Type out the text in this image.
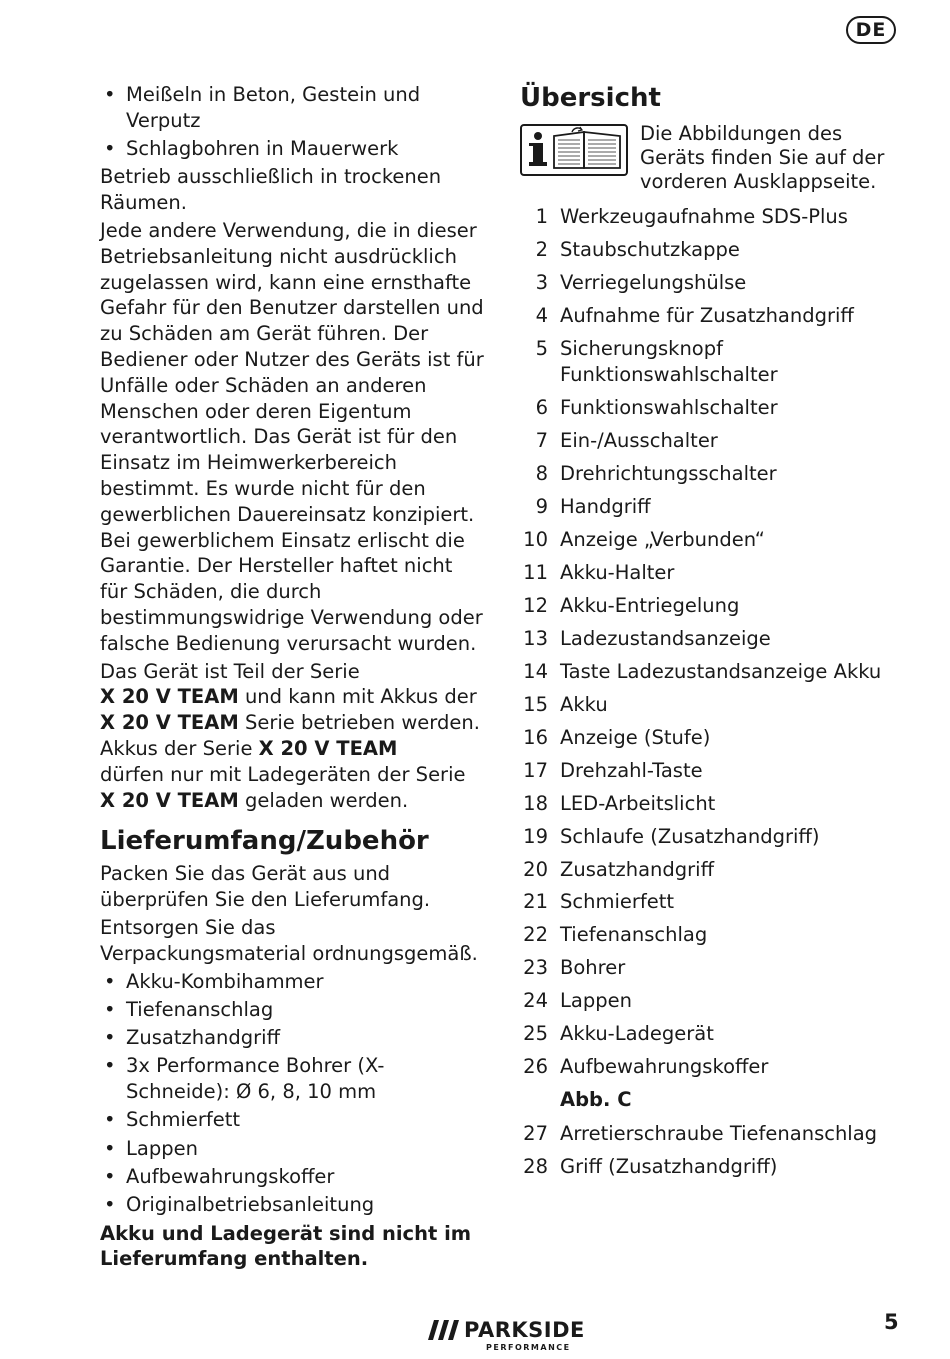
DE
• Meißeln in Beton, Gestein und Verputz
• Schlagbohren in Mauerwerk

Betrieb ausschließlich in trockenen Räumen.

Jede andere Verwendung, die in dieser Betriebsanleitung nicht ausdrücklich zugelassen wird, kann eine ernsthafte Gefahr für den Benutzer darstellen und zu Schäden am Gerät führen. Der Bediener oder Nutzer des Geräts ist für Unfälle oder Schäden an anderen Menschen oder deren Eigentum verantwortlich. Das Gerät ist für den Einsatz im Heimwerkerbereich bestimmt. Es wurde nicht für den gewerblichen Dauereinsatz konzipiert. Bei gewerblichem Einsatz erlischt die Garantie. Der Hersteller haftet nicht für Schäden, die durch bestimmungswidrige Verwendung oder falsche Bedienung verursacht wurden.

Das Gerät ist Teil der Serie
X 20 V TEAM und kann mit Akkus der
X 20 V TEAM Serie betrieben werden. Akkus der Serie X 20 V TEAM
dürfen nur mit Ladegeräten der Serie
X 20 V TEAM geladen werden.

Lieferumfang/Zubehör

Packen Sie das Gerät aus und überprüfen Sie den Lieferumfang.

Entsorgen Sie das Verpackungsmaterial ordnungsgemäß.

• Akku-Kombihammer
• Tiefenanschlag
• Zusatzhandgriff
• 3x Performance Bohrer (X-Schneide): Ø 6, 8, 10 mm
• Schmierfett
• Lappen
• Aufbewahrungskoffer
• Originalbetriebsanleitung

Akku und Ladegerät sind nicht im Lieferumfang enthalten.

Übersicht
Die Abbildungen des Geräts finden Sie auf der vorderen Ausklappseite.
1 Werkzeugaufnahme SDS-Plus
2 Staubschutzkappe
3 Verriegelungshülse
4 Aufnahme für Zusatzhandgriff
5 Sicherungsknopf Funktionswahlschalter
6 Funktionswahlschalter
7 Ein-/Ausschalter
8 Drehrichtungsschalter
9 Handgriff
10 Anzeige „Verbunden“
11 Akku-Halter
12 Akku-Entriegelung
13 Ladezustandsanzeige
14 Taste Ladezustandsanzeige Akku
15 Akku
16 Anzeige (Stufe)
17 Drehzahl-Taste
18 LED-Arbeitslicht
19 Schlaufe (Zusatzhandgriff)
20 Zusatzhandgriff
21 Schmierfett
22 Tiefenanschlag
23 Bohrer
24 Lappen
25 Akku-Ladegerät
26 Aufbewahrungskoffer
Abb. C
27 Arretierschraube Tiefenanschlag
28 Griff (Zusatzhandgriff)
PARKSIDE
PERFORMANCE
5
